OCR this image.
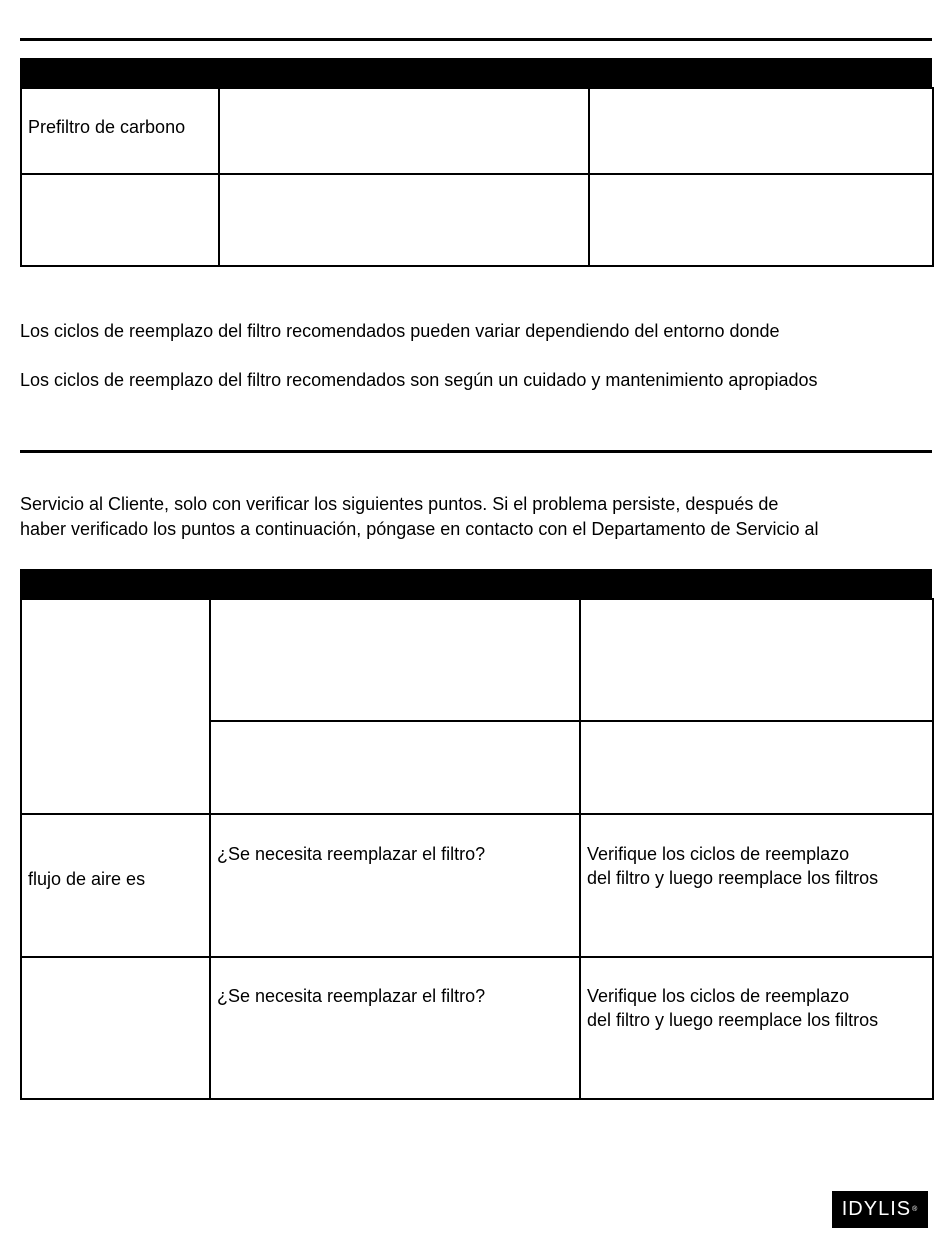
Prefiltro de carbono		

Los ciclos de reemplazo del filtro recomendados pueden variar dependiendo del entorno donde

Los ciclos de reemplazo del filtro recomendados son según un cuidado y mantenimiento apropiados

Servicio al Cliente, solo con verificar los siguientes puntos. Si el problema persiste, después de

haber verificado los puntos a continuación, póngase en contacto con el Departamento de Servicio al

flujo de aire es	¿Se necesita reemplazar el filtro?	Verifique los ciclos de reemplazo
del filtro y luego reemplace los filtros

	¿Se necesita reemplazar el filtro?	Verifique los ciclos de reemplazo
del filtro y luego reemplace los filtros
IDYLIS ®
